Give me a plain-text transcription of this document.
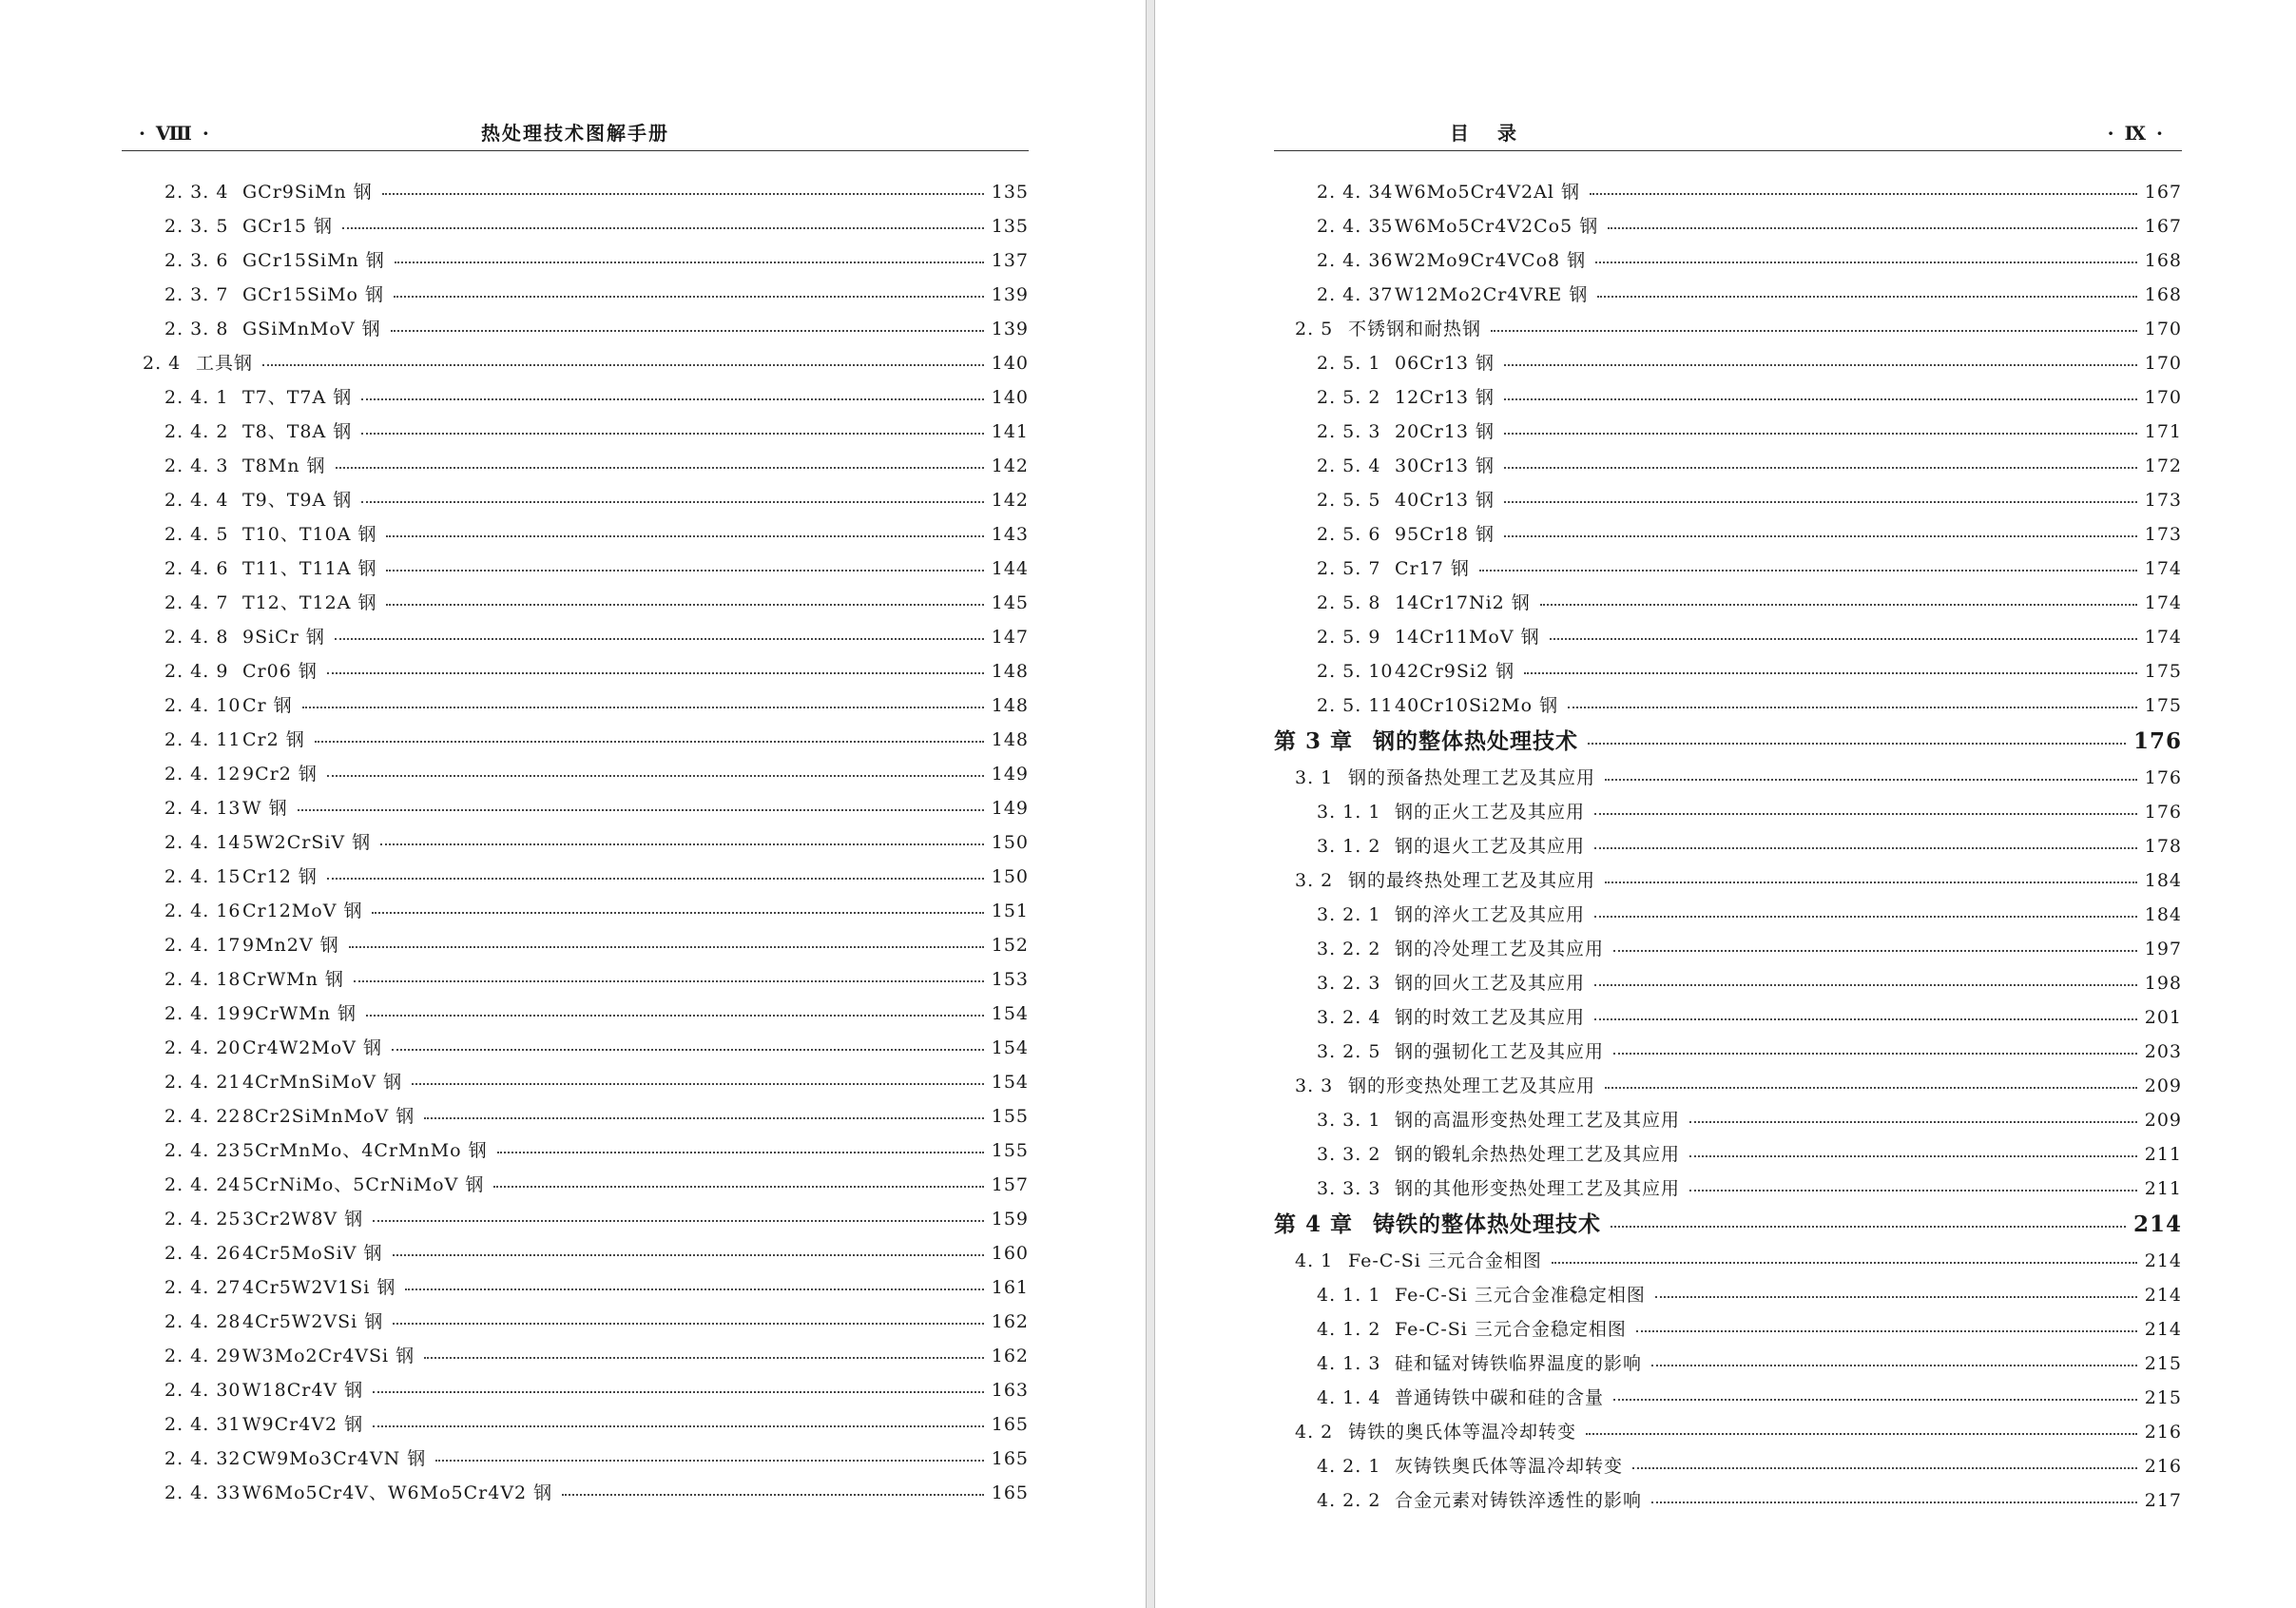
· Ⅷ ·	热处理技术图解手册
2. 3. 4 GCr9SiMn 钢	135
2. 3. 5 GCr15 钢	135
2. 3. 6 GCr15SiMn 钢	137
2. 3. 7 GCr15SiMo 钢	139
2. 3. 8 GSiMnMoV 钢	139
2. 4 工具钢	140
2. 4. 1 T7、T7A 钢	140
2. 4. 2 T8、T8A 钢	141
2. 4. 3 T8Mn 钢	142
2. 4. 4 T9、T9A 钢	142
2. 4. 5 T10、T10A 钢	143
2. 4. 6 T11、T11A 钢	144
2. 4. 7 T12、T12A 钢	145
2. 4. 8 9SiCr 钢	147
2. 4. 9 Cr06 钢	148
2. 4. 10 Cr 钢	148
2. 4. 11 Cr2 钢	148
2. 4. 12 9Cr2 钢	149
2. 4. 13 W 钢	149
2. 4. 14 5W2CrSiV 钢	150
2. 4. 15 Cr12 钢	150
2. 4. 16 Cr12MoV 钢	151
2. 4. 17 9Mn2V 钢	152
2. 4. 18 CrWMn 钢	153
2. 4. 19 9CrWMn 钢	154
2. 4. 20 Cr4W2MoV 钢	154
2. 4. 21 4CrMnSiMoV 钢	154
2. 4. 22 8Cr2SiMnMoV 钢	155
2. 4. 23 5CrMnMo、4CrMnMo 钢	155
2. 4. 24 5CrNiMo、5CrNiMoV 钢	157
2. 4. 25 3Cr2W8V 钢	159
2. 4. 26 4Cr5MoSiV 钢	160
2. 4. 27 4Cr5W2V1Si 钢	161
2. 4. 28 4Cr5W2VSi 钢	162
2. 4. 29 W3Mo2Cr4VSi 钢	162
2. 4. 30 W18Cr4V 钢	163
2. 4. 31 W9Cr4V2 钢	165
2. 4. 32 CW9Mo3Cr4VN 钢	165
2. 4. 33 W6Mo5Cr4V、W6Mo5Cr4V2 钢	165
目录	· Ⅸ ·
2. 4. 34 W6Mo5Cr4V2Al 钢	167
2. 4. 35 W6Mo5Cr4V2Co5 钢	167
2. 4. 36 W2Mo9Cr4VCo8 钢	168
2. 4. 37 W12Mo2Cr4VRE 钢	168
2. 5 不锈钢和耐热钢	170
2. 5. 1 06Cr13 钢	170
2. 5. 2 12Cr13 钢	170
2. 5. 3 20Cr13 钢	171
2. 5. 4 30Cr13 钢	172
2. 5. 5 40Cr13 钢	173
2. 5. 6 95Cr18 钢	173
2. 5. 7 Cr17 钢	174
2. 5. 8 14Cr17Ni2 钢	174
2. 5. 9 14Cr11MoV 钢	174
2. 5. 10 42Cr9Si2 钢	175
2. 5. 11 40Cr10Si2Mo 钢	175
第 3 章 钢的整体热处理技术	176
3. 1 钢的预备热处理工艺及其应用	176
3. 1. 1 钢的正火工艺及其应用	176
3. 1. 2 钢的退火工艺及其应用	178
3. 2 钢的最终热处理工艺及其应用	184
3. 2. 1 钢的淬火工艺及其应用	184
3. 2. 2 钢的冷处理工艺及其应用	197
3. 2. 3 钢的回火工艺及其应用	198
3. 2. 4 钢的时效工艺及其应用	201
3. 2. 5 钢的强韧化工艺及其应用	203
3. 3 钢的形变热处理工艺及其应用	209
3. 3. 1 钢的高温形变热处理工艺及其应用	209
3. 3. 2 钢的锻轧余热热处理工艺及其应用	211
3. 3. 3 钢的其他形变热处理工艺及其应用	211
第 4 章 铸铁的整体热处理技术	214
4. 1 Fe-C-Si 三元合金相图	214
4. 1. 1 Fe-C-Si 三元合金准稳定相图	214
4. 1. 2 Fe-C-Si 三元合金稳定相图	214
4. 1. 3 硅和锰对铸铁临界温度的影响	215
4. 1. 4 普通铸铁中碳和硅的含量	215
4. 2 铸铁的奥氏体等温冷却转变	216
4. 2. 1 灰铸铁奥氏体等温冷却转变	216
4. 2. 2 合金元素对铸铁淬透性的影响	217
